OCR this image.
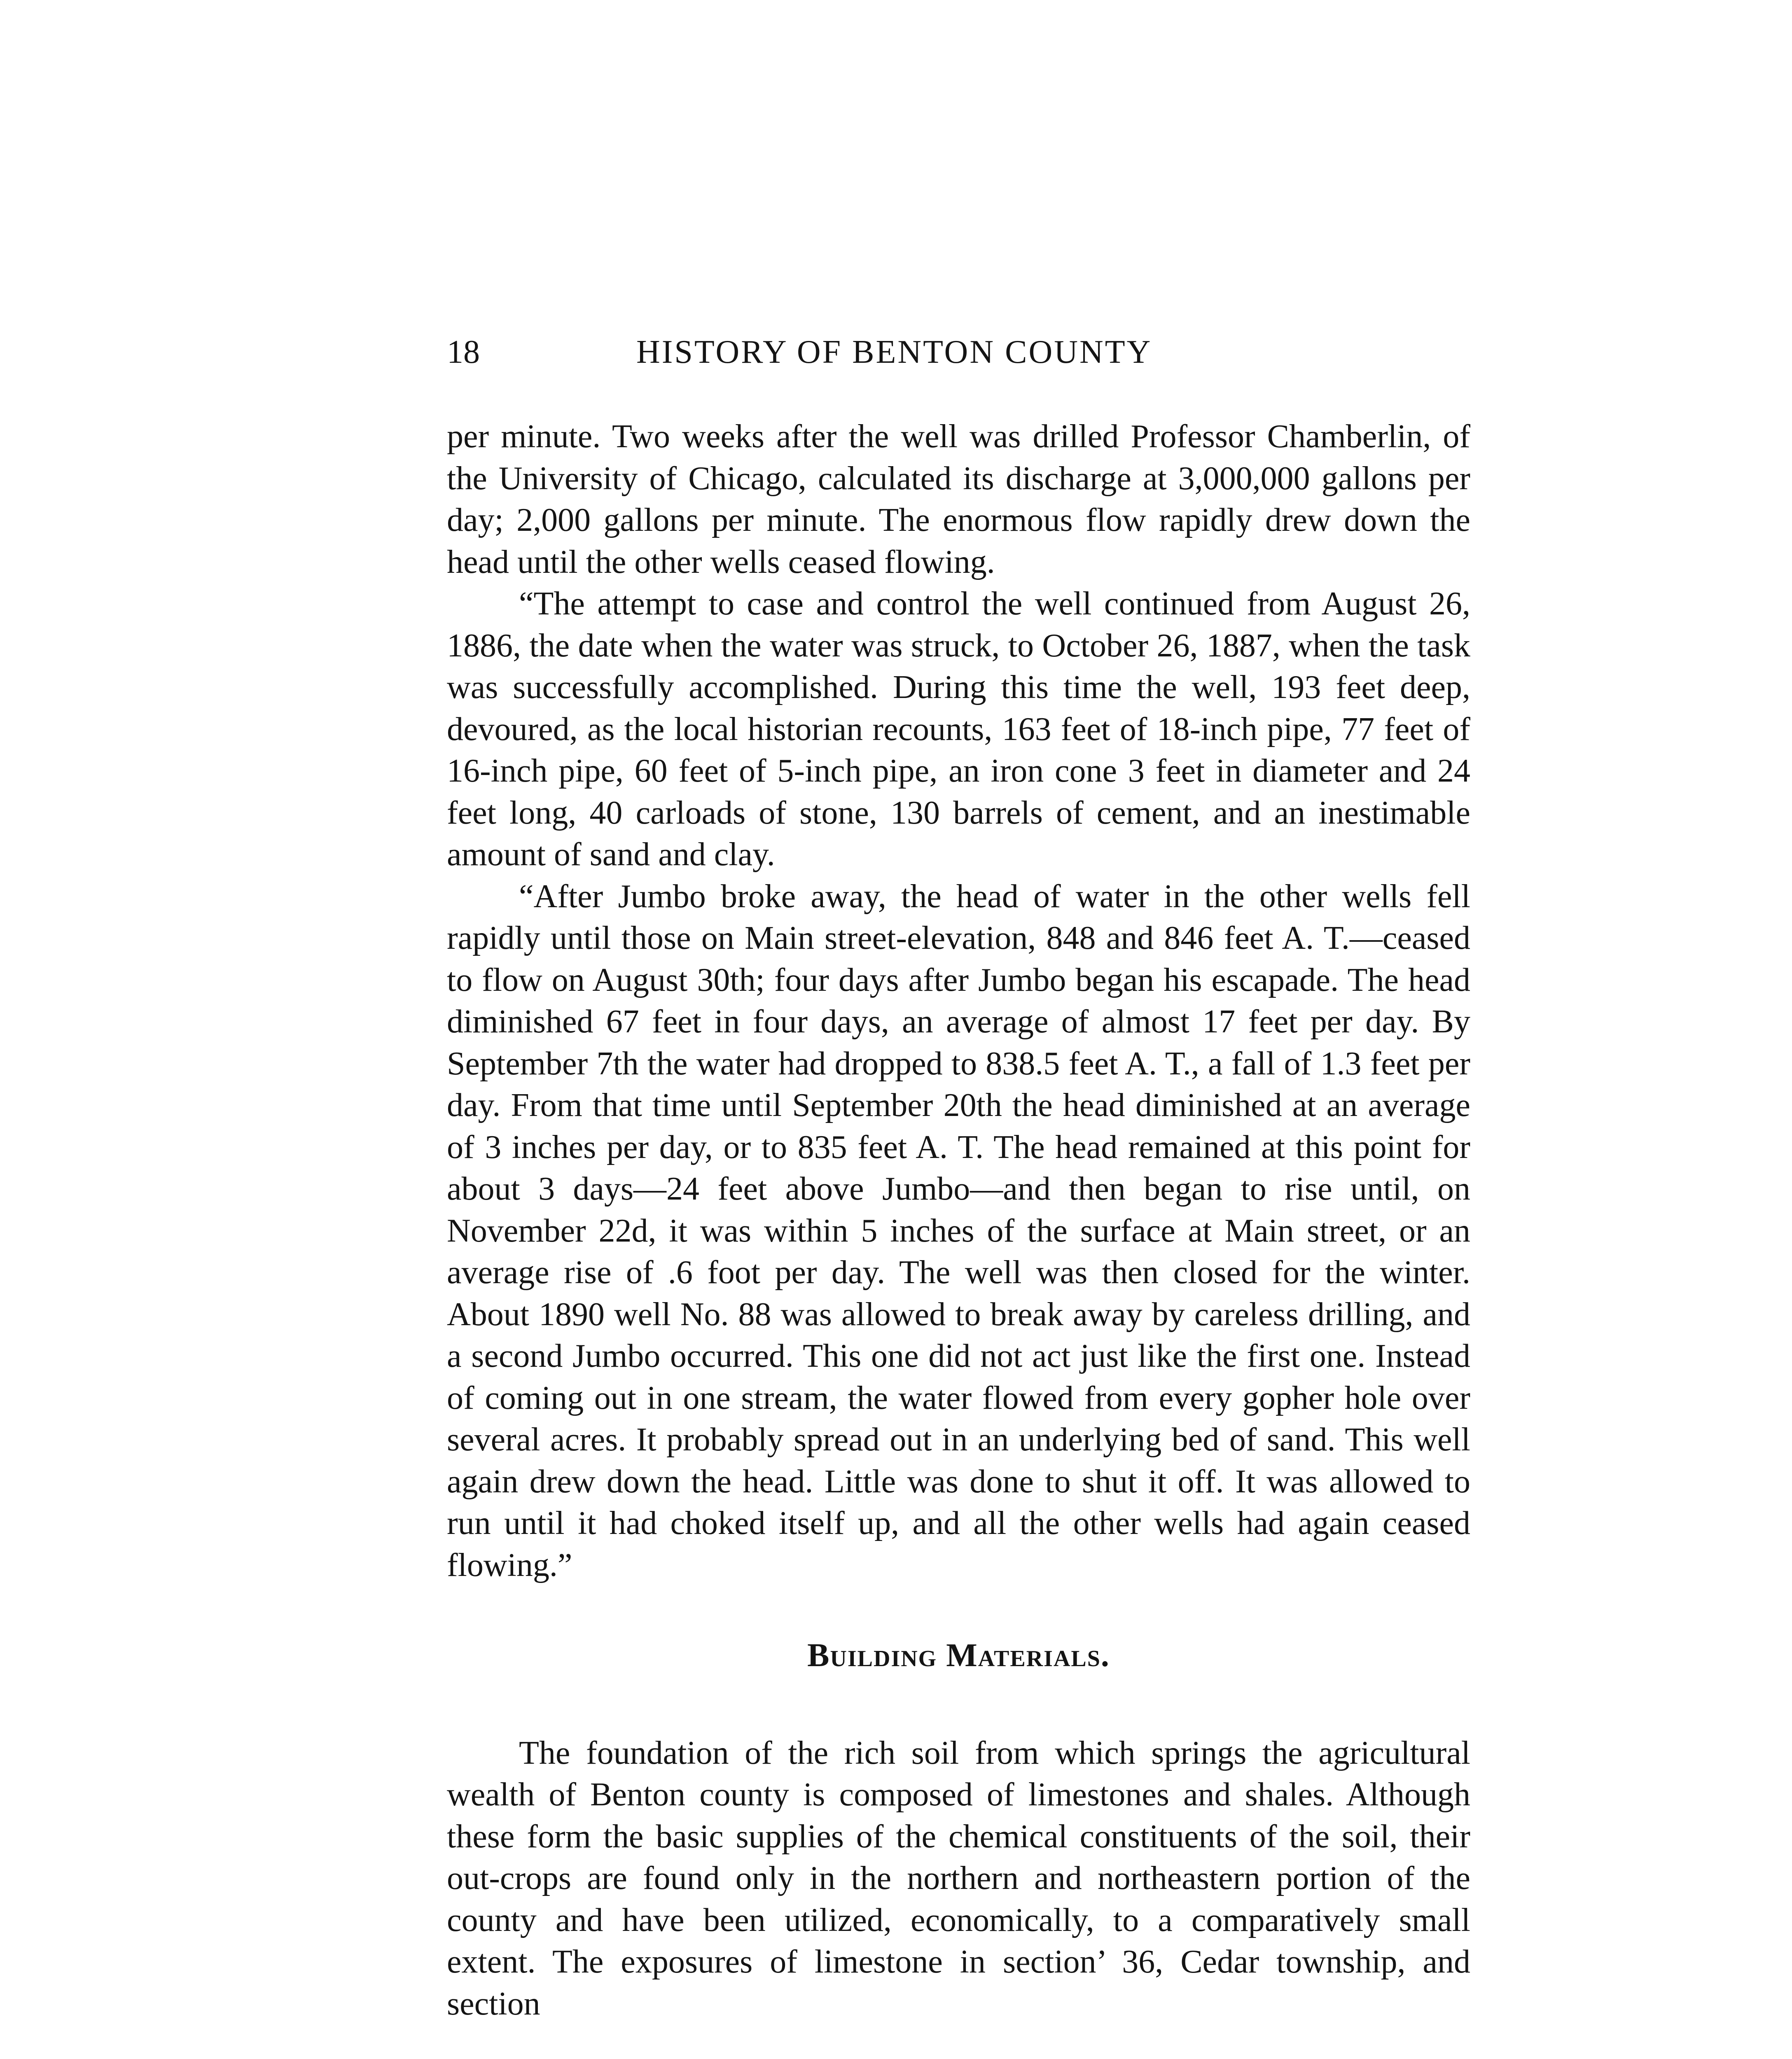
18	HISTORY OF BENTON COUNTY

per minute. Two weeks after the well was drilled Professor Chamberlin, of the University of Chicago, calculated its discharge at 3,000,000 gallons per day; 2,000 gallons per minute. The enormous flow rapidly drew down the head until the other wells ceased flowing.

“The attempt to case and control the well continued from August 26, 1886, the date when the water was struck, to October 26, 1887, when the task was successfully accomplished. During this time the well, 193 feet deep, devoured, as the local historian recounts, 163 feet of 18-inch pipe, 77 feet of 16-inch pipe, 60 feet of 5-inch pipe, an iron cone 3 feet in diameter and 24 feet long, 40 carloads of stone, 130 barrels of cement, and an inestimable amount of sand and clay.

“After Jumbo broke away, the head of water in the other wells fell rapidly until those on Main street-elevation, 848 and 846 feet A. T.—ceased to flow on August 30th; four days after Jumbo began his escapade. The head diminished 67 feet in four days, an average of almost 17 feet per day. By September 7th the water had dropped to 838.5 feet A. T., a fall of 1.3 feet per day. From that time until September 20th the head diminished at an average of 3 inches per day, or to 835 feet A. T. The head remained at this point for about 3 days—24 feet above Jumbo—and then began to rise until, on November 22d, it was within 5 inches of the surface at Main street, or an average rise of .6 foot per day. The well was then closed for the winter. About 1890 well No. 88 was allowed to break away by careless drilling, and a second Jumbo occurred. This one did not act just like the first one. Instead of coming out in one stream, the water flowed from every gopher hole over several acres. It probably spread out in an underlying bed of sand. This well again drew down the head. Little was done to shut it off. It was allowed to run until it had choked itself up, and all the other wells had again ceased flowing.”

Building Materials.

The foundation of the rich soil from which springs the agricultural wealth of Benton county is composed of limestones and shales. Although these form the basic supplies of the chemical constituents of the soil, their out-crops are found only in the northern and northeastern portion of the county and have been utilized, economically, to a comparatively small extent. The exposures of limestone in section’ 36, Cedar township, and section
